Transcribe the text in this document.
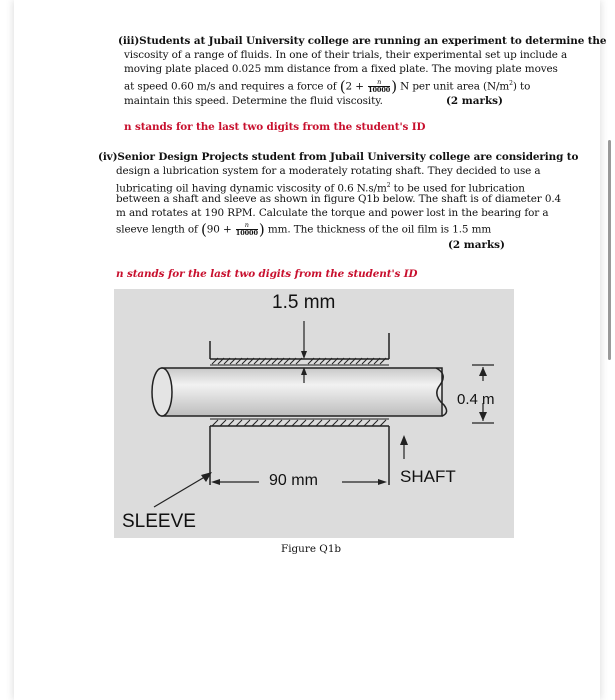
(iii)Students at Jubail University college are running an experiment to determine the
viscosity of a range of fluids. In one of their trials, their experimental set up include a
moving plate placed 0.025 mm distance from a fixed plate. The moving plate moves
at speed 0.60 m/s and requires a force of ($2 + \frac{n}{10000}$ ) N per unit area $(N/m^2)$ to
maintain this speed. Determine the fluid viscosity.	(2 marks)
n stands for the last two digits from the student's ID
(iv)Senior Design Projects student from Jubail University college are considering to
design a lubrication system for a moderately rotating shaft. They decided to use a
lubricating oil having dynamic viscosity of 0.6 $N.s/m^2$ to be used for lubrication
between a shaft and sleeve as shown in figure Q1b below. The shaft is of diameter 0.4
m and rotates at 190 RPM. Calculate the torque and power lost in the bearing for a
sleeve length of ($90 + \frac{n}{10000}$ ) mm. The thickness of the oil film is 1.5 mm
(2 marks)
n stands for the last two digits from the student's ID
1.5 mm
0.4 m
90 mm	SHAFT
SLEEVE
Figure Q1b
